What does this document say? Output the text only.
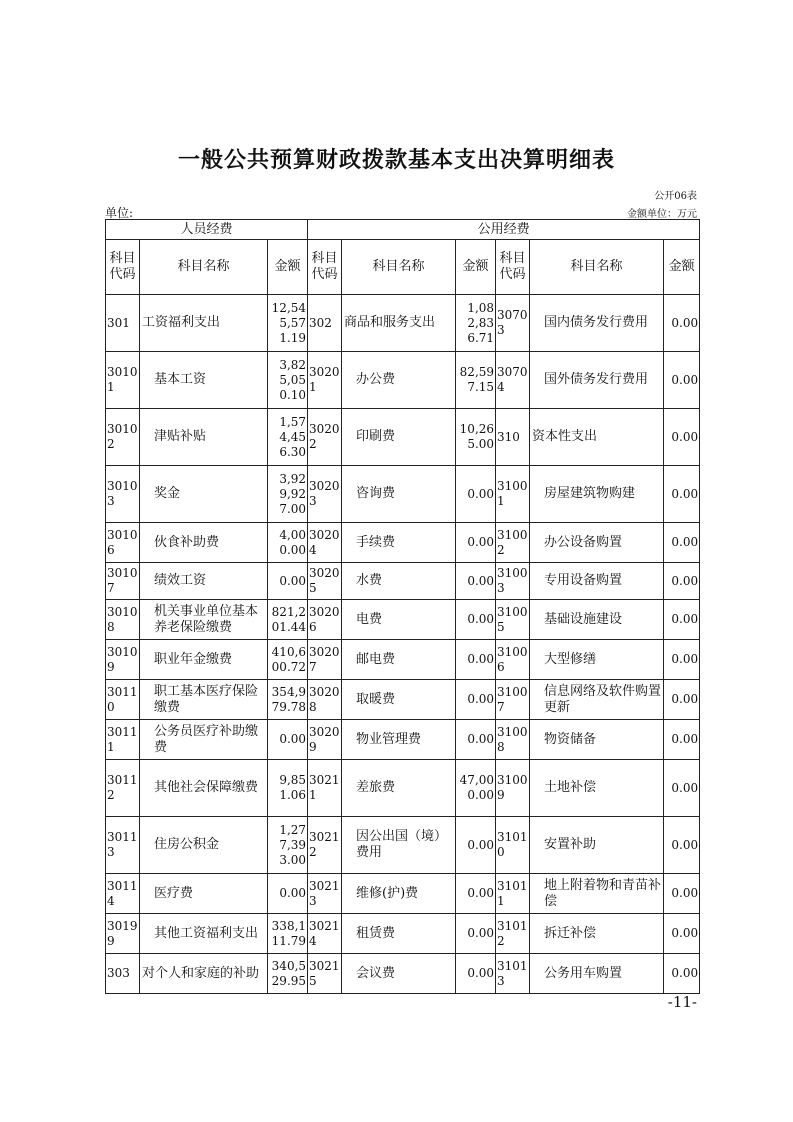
一般公共预算财政拨款基本支出决算明细表
公开06表
单位:	金额单位：万元
人员经费			公用经费					
科目代码	科目名称	金额	科目代码	科目名称	金额	科目代码	科目名称	金额
301	工资福利支出	12,545,571.19	302	商品和服务支出	1,082,836.71	30703	国内债务发行费用	0.00
30101	基本工资	3,825,050.10	30201	办公费	82,597.15	30704	国外债务发行费用	0.00
30102	津贴补贴	1,574,456.30	30202	印刷费	10,265.00	310	资本性支出	0.00
30103	奖金	3,929,927.00	30203	咨询费	0.00	31001	房屋建筑物购建	0.00
30106	伙食补助费	4,000.00	30204	手续费	0.00	31002	办公设备购置	0.00
30107	绩效工资	0.00	30205	水费	0.00	31003	专用设备购置	0.00
30108	机关事业单位基本养老保险缴费	821,201.44	30206	电费	0.00	31005	基础设施建设	0.00
30109	职业年金缴费	410,600.72	30207	邮电费	0.00	31006	大型修缮	0.00
30110	职工基本医疗保险缴费	354,979.78	30208	取暖费	0.00	31007	信息网络及软件购置更新	0.00
30111	公务员医疗补助缴费	0.00	30209	物业管理费	0.00	31008	物资储备	0.00
30112	其他社会保障缴费	9,851.06	30211	差旅费	47,000.00	31009	土地补偿	0.00
30113	住房公积金	1,277,393.00	30212	因公出国（境）费用	0.00	31010	安置补助	0.00
30114	医疗费	0.00	30213	维修(护)费	0.00	31011	地上附着物和青苗补偿	0.00
30199	其他工资福利支出	338,111.79	30214	租赁费	0.00	31012	拆迁补偿	0.00
303	对个人和家庭的补助	340,529.95	30215	会议费	0.00	31013	公务用车购置	0.00
-11-
